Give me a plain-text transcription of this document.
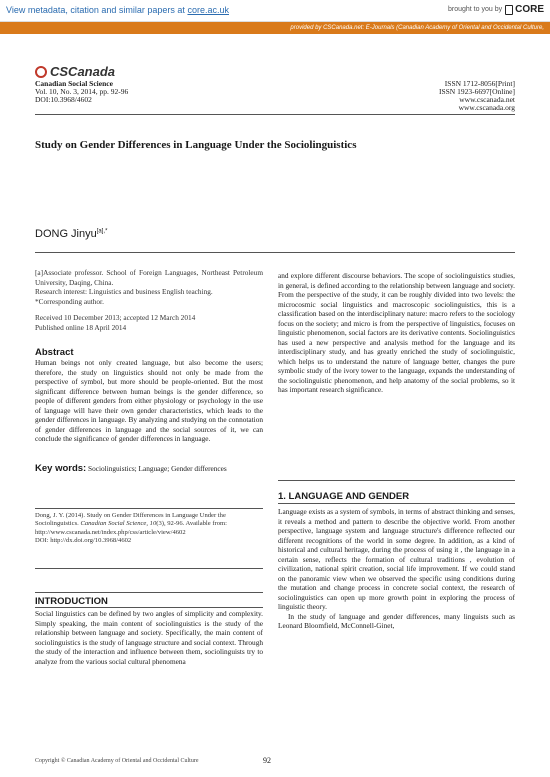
View metadata, citation and similar papers at core.ac.uk	brought to you by CORE
provided by CSCanada.net: E-Journals (Canadian Academy of Oriental and Occidental Culture,
CSCanada
Canadian Social Science
Vol. 10, No. 3, 2014, pp. 92-96
DOI:10.3968/4602
ISSN 1712-8056[Print]
ISSN 1923-6697[Online]
www.cscanada.net
www.cscanada.org
Study on Gender Differences in Language Under the Sociolinguistics
DONG Jinyu$^{[a],*}$

[a]Associate professor. School of Foreign Languages, Northeast Petroleum University, Daqing, China.

Research interest: Linguistics and business English teaching.

*Corresponding author.

Received 10 December 2013; accepted 12 March 2014

Published online 18 April 2014

Abstract
Human beings not only created language, but also become the users; therefore, the study on linguistics should not only be made from the perspective of symbol, but more should be people-oriented. But the most significant difference between human beings is the gender difference, so people of different genders from either physiology or psychology in the use of language will have their own gender characteristics, which leads to the gender differences in language. By analyzing and studying on the connotation of gender differences in language and the social sources of it, we can conclude the significance of gender differences in language.
Key words: Sociolinguistics; Language; Gender differences
Dong, J. Y. (2014). Study on Gender Differences in Language Under the Sociolinguistics. Canadian Social Science, 10(3), 92-96. Available from: http://www.cscanada.net/index.php/css/article/view/4602
DOI: http://dx.doi.org/10.3968/4602
INTRODUCTION
Social linguistics can be defined by two angles of simplicity and complexity. Simply speaking, the main content of sociolinguistics is the study of the relationship between language and society. Specifically, the main content of sociolinguistics is the study of language structure and social context. Through the study of the interaction and influence between them, sociolinguists try to analyze from the various social cultural phenomena
and explore different discourse behaviors. The scope of sociolinguistics studies, in general, is defined according to the relationship between language and society. From the perspective of the study, it can be roughly divided into two levels: the microcosmic social linguistics and macroscopic sociolinguistics, this is a classification based on the interdisciplinary nature: macro refers to the sociology focus on the society; and micro is from the perspective of linguistics, focuses on linguistic phenomenon, social factors are its derivative contents. Sociolinguistics has used a new perspective and analysis method for the language and its interdisciplinary study, and has greatly enriched the study of sociolinguistic, which helps us to understand the nature of language better, changes the pure symbolic study of the ivory tower to the language, expands the understanding of the sociolinguistic phenomenon, and help anatomy of the social problems, so it has important research significance.
1. LANGUAGE AND GENDER

Language exists as a system of symbols, in terms of abstract thinking and senses, it reveals a method and pattern to describe the objective world. From another perspective, language system and language structure's difference reflected our different recognitions of the world in some degree. In addition, as a kind of historical and cultural heritage, during the process of using it , the language in a certain sense, reflects the formation of cultural traditions , evolution of civilization, national spirit creation, social life improvement. If we could stand on the panoramic view when we observed the specific using conditions during the mutation and change process in concrete social context, the research of sociolinguistics can open up more growth point in exploring the process of linguistic theory.

In the study of language and gender differences, many linguists such as Leonard Bloomfield, McConnell-Ginet,

Copyright © Canadian Academy of Oriental and Occidental Culture	92
